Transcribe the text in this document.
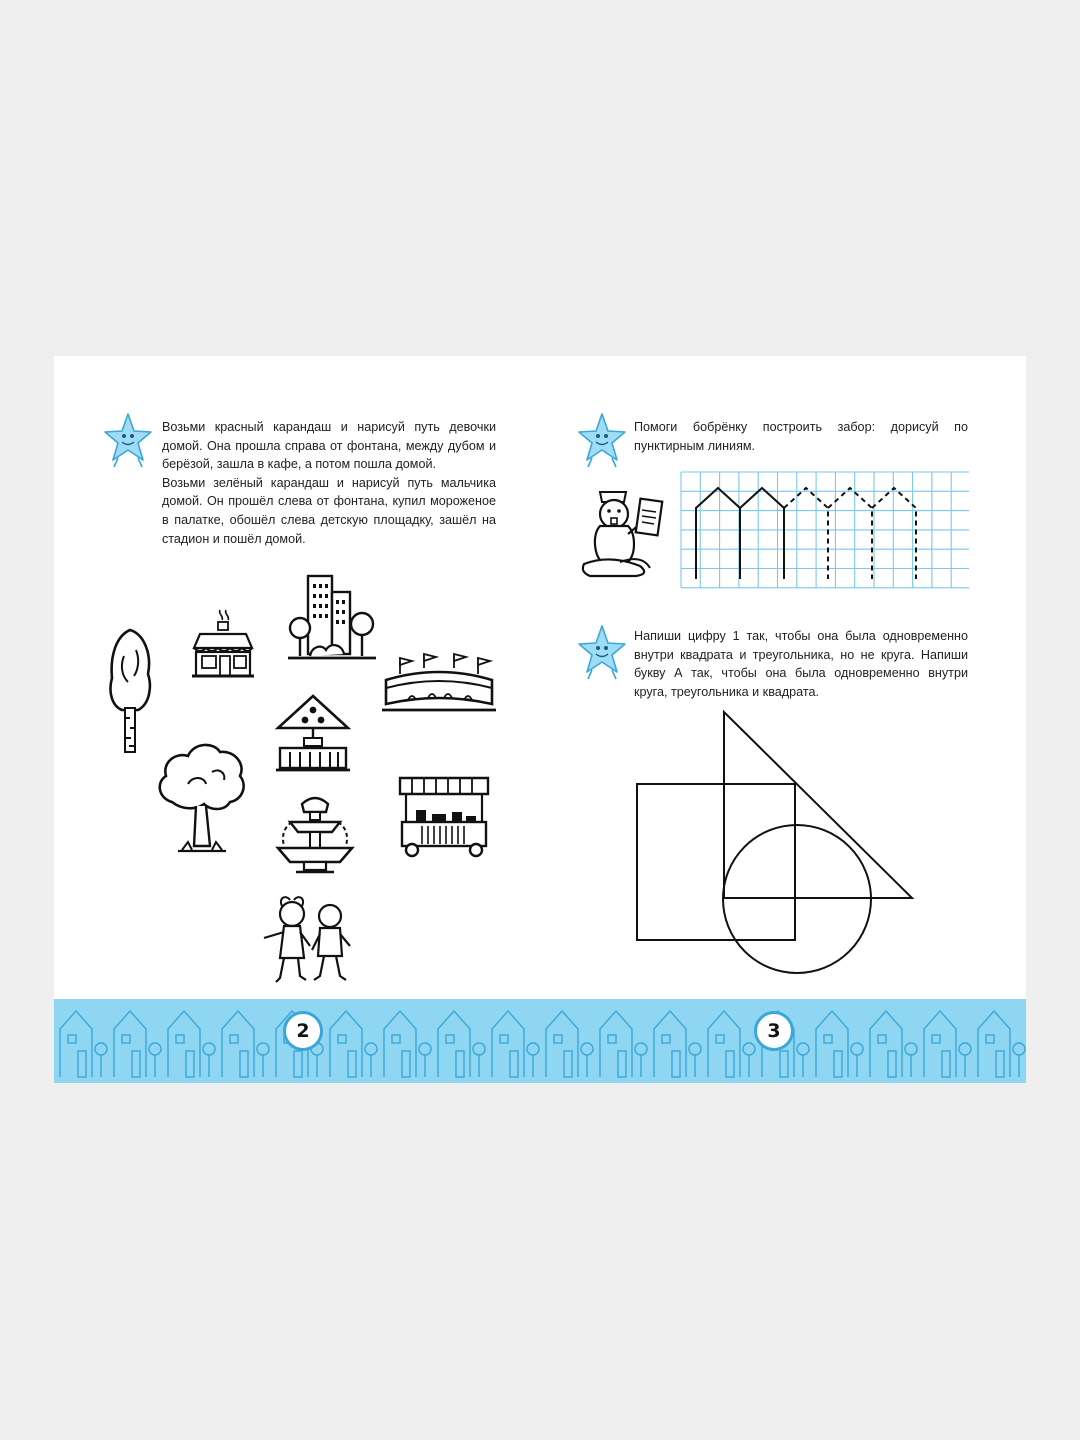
Возьми красный карандаш и нарисуй путь девочки домой. Она прошла справа от фонтана, между дубом и берёзой, зашла в кафе, а потом пошла домой.

Возьми зелёный карандаш и нарисуй путь мальчика домой. Он прошёл слева от фонтана, купил мороженое в палатке, обошёл слева детскую площадку, зашёл на стадион и пошёл домой.

Помоги бобрёнку построить забор: дорисуй по пунктирным линиям.

Напиши цифру 1 так, чтобы она была одновременно внутри квадрата и треугольника, но не круга. Напиши букву А так, чтобы она была одновременно внутри круга, треугольника и квадрата.

2	3
